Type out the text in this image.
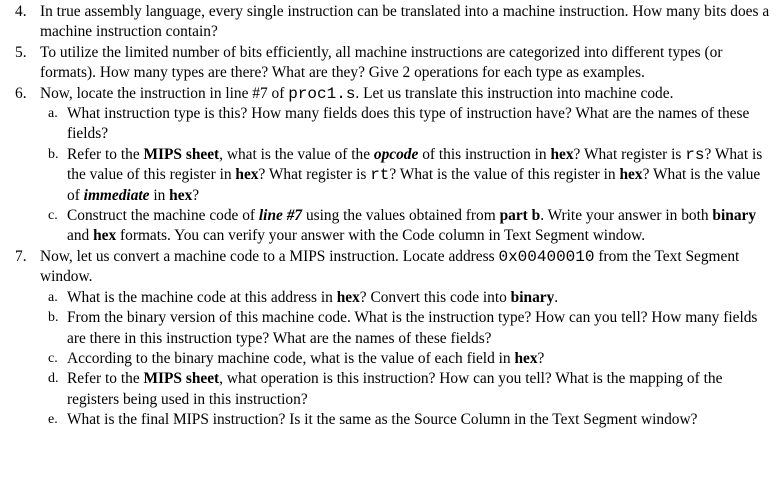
4. In true assembly language, every single instruction can be translated into a machine instruction. How many bits does a machine instruction contain?
5. To utilize the limited number of bits efficiently, all machine instructions are categorized into different types (or formats). How many types are there? What are they? Give 2 operations for each type as examples.
6. Now, locate the instruction in line #7 of proc1.s. Let us translate this instruction into machine code.
a. What instruction type is this? How many fields does this type of instruction have? What are the names of these fields?
b. Refer to the MIPS sheet, what is the value of the opcode of this instruction in hex? What register is rs? What is the value of this register in hex? What register is rt? What is the value of this register in hex? What is the value of immediate in hex?
c. Construct the machine code of line #7 using the values obtained from part b. Write your answer in both binary and hex formats. You can verify your answer with the Code column in Text Segment window.
7. Now, let us convert a machine code to a MIPS instruction. Locate address 0x00400010 from the Text Segment window.
a. What is the machine code at this address in hex? Convert this code into binary.
b. From the binary version of this machine code. What is the instruction type? How can you tell? How many fields are there in this instruction type? What are the names of these fields?
c. According to the binary machine code, what is the value of each field in hex?
d. Refer to the MIPS sheet, what operation is this instruction? How can you tell? What is the mapping of the registers being used in this instruction?
e. What is the final MIPS instruction? Is it the same as the Source Column in the Text Segment window?
